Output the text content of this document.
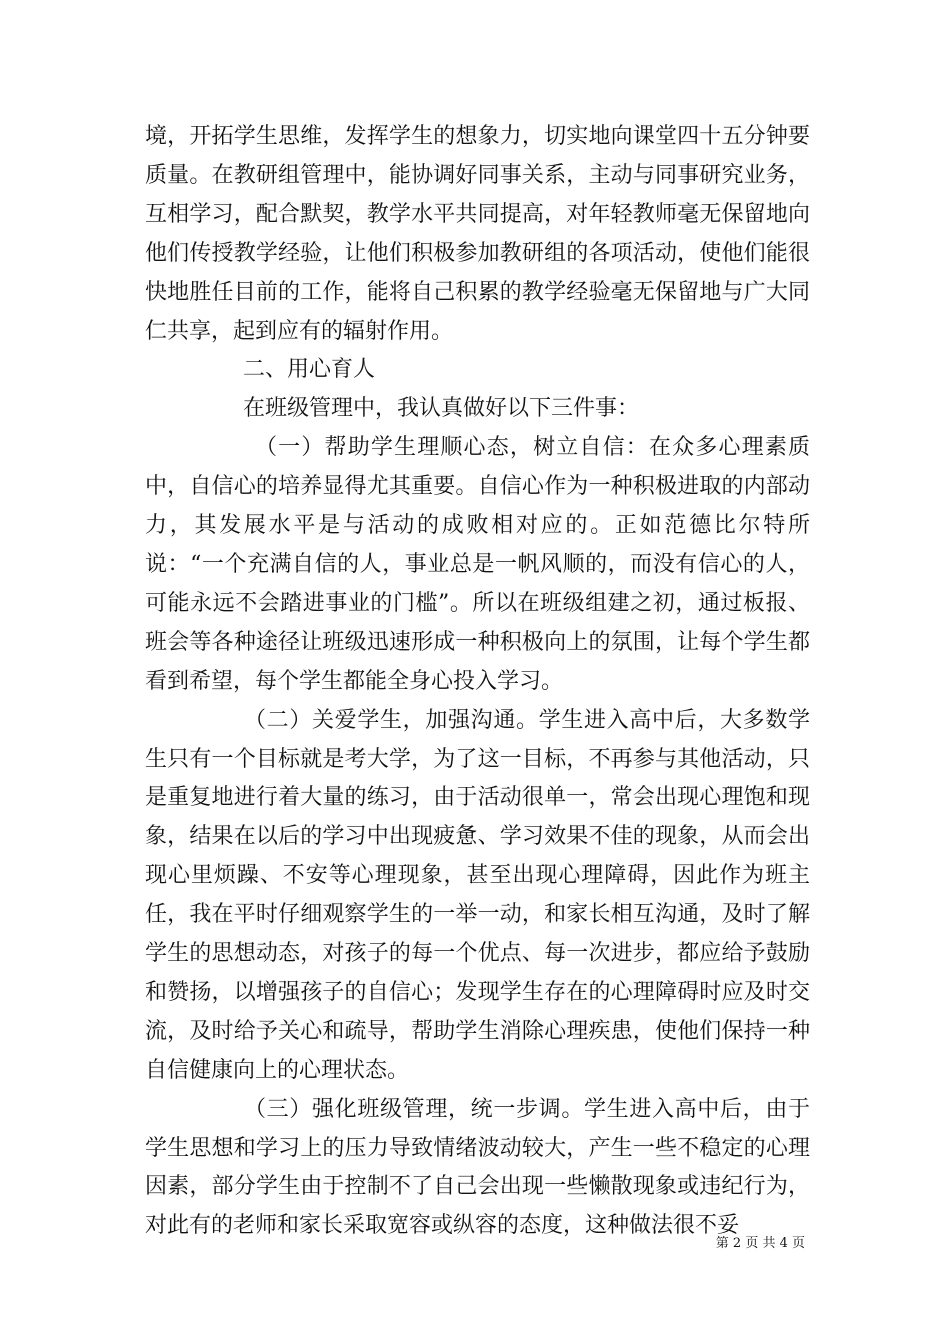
境，开拓学生思维，发挥学生的想象力，切实地向课堂四十五分钟要质量。在教研组管理中，能协调好同事关系，主动与同事研究业务，互相学习，配合默契，教学水平共同提高，对年轻教师毫无保留地向他们传授教学经验，让他们积极参加教研组的各项活动，使他们能很快地胜任目前的工作，能将自己积累的教学经验毫无保留地与广大同仁共享，起到应有的辐射作用。

二、用心育人

在班级管理中，我认真做好以下三件事：

（一）帮助学生理顺心态，树立自信：在众多心理素质中，自信心的培养显得尤其重要。自信心作为一种积极进取的内部动力，其发展水平是与活动的成败相对应的。正如范德比尔特所说：“一个充满自信的人，事业总是一帆风顺的，而没有信心的人，可能永远不会踏进事业的门槛”。所以在班级组建之初，通过板报、班会等各种途径让班级迅速形成一种积极向上的氛围，让每个学生都看到希望，每个学生都能全身心投入学习。

（二）关爱学生，加强沟通。学生进入高中后，大多数学生只有一个目标就是考大学，为了这一目标，不再参与其他活动，只是重复地进行着大量的练习，由于活动很单一，常会出现心理饱和现象，结果在以后的学习中出现疲惫、学习效果不佳的现象，从而会出现心里烦躁、不安等心理现象，甚至出现心理障碍，因此作为班主任，我在平时仔细观察学生的一举一动，和家长相互沟通，及时了解学生的思想动态，对孩子的每一个优点、每一次进步，都应给予鼓励和赞扬，以增强孩子的自信心；发现学生存在的心理障碍时应及时交流，及时给予关心和疏导，帮助学生消除心理疾患，使他们保持一种自信健康向上的心理状态。

（三）强化班级管理，统一步调。学生进入高中后，由于学生思想和学习上的压力导致情绪波动较大，产生一些不稳定的心理因素，部分学生由于控制不了自己会出现一些懒散现象或违纪行为，对此有的老师和家长采取宽容或纵容的态度，这种做法很不妥

第 2 页 共 4 页
